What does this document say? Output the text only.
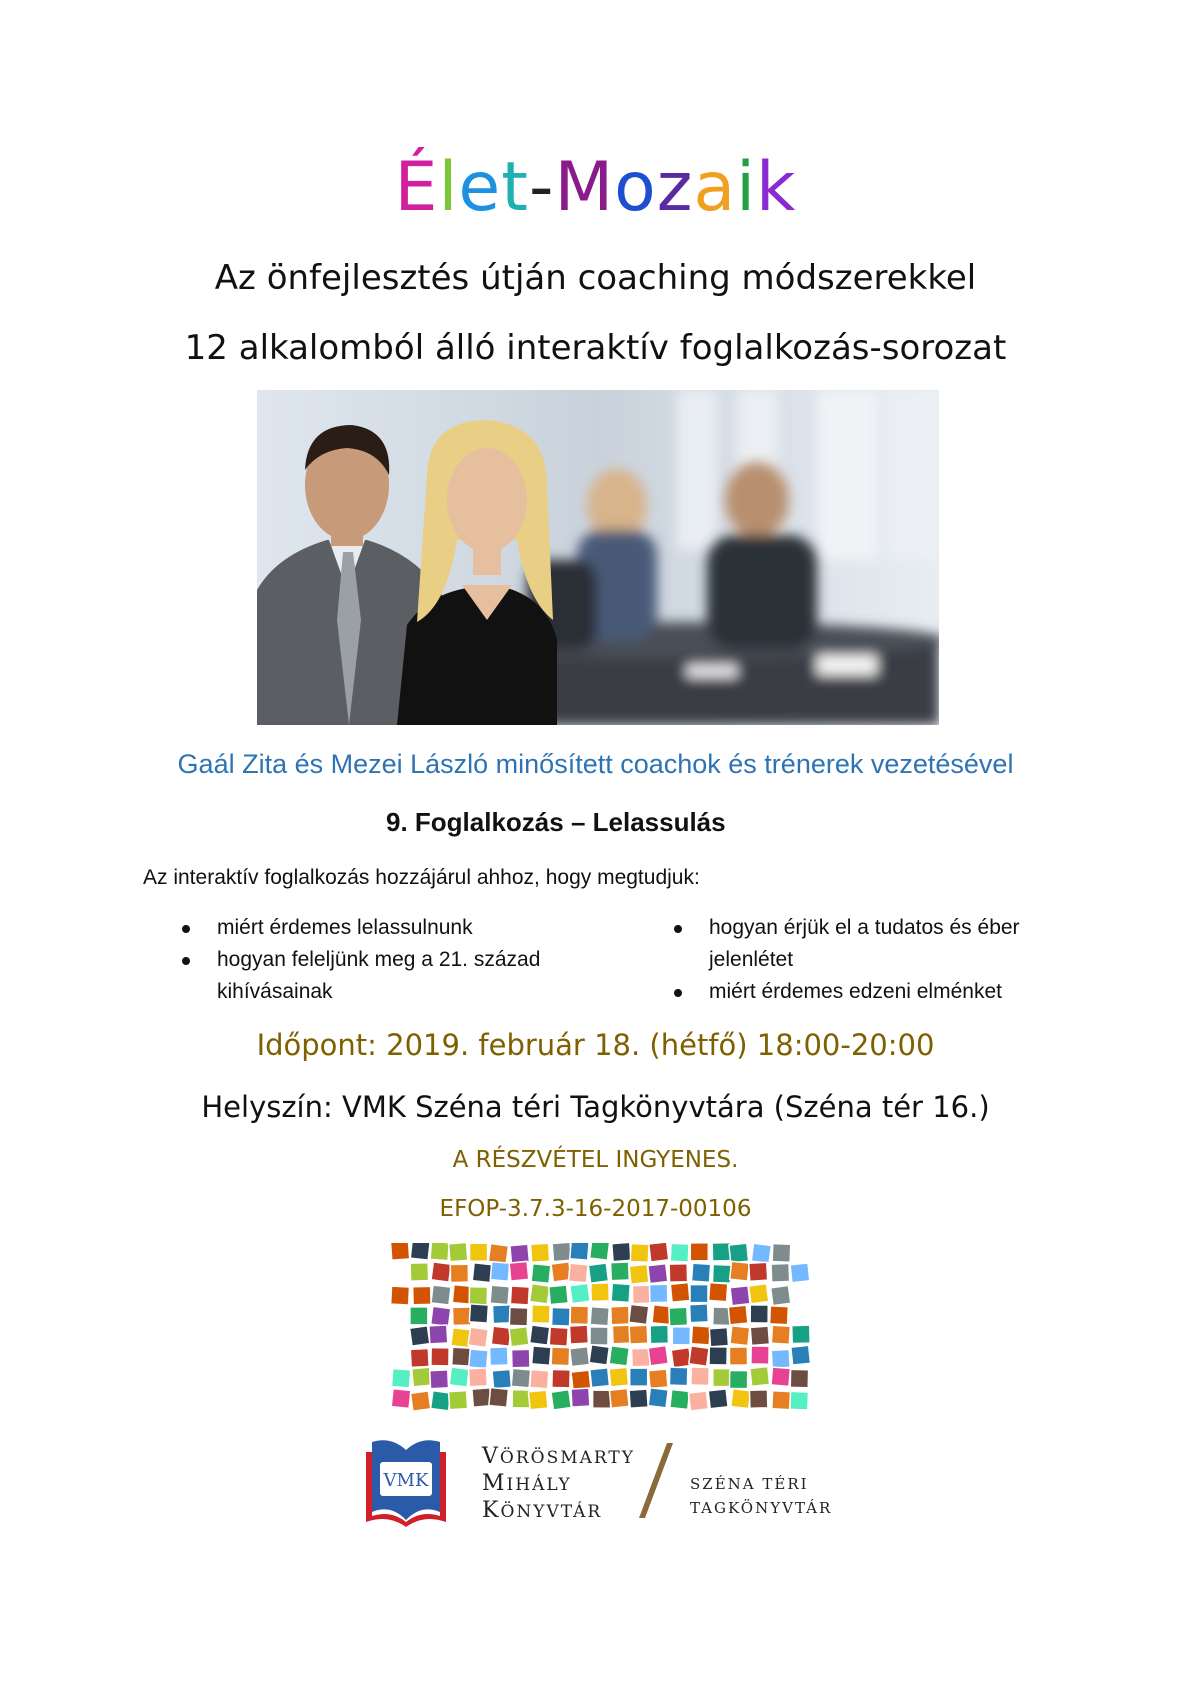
Élet-Mozaik
Az önfejlesztés útján coaching módszerekkel
12 alkalomból álló interaktív foglalkozás-sorozat
Gaál Zita és Mezei László minősített coachok és trénerek vezetésével
9. Foglalkozás – Lelassulás
Az interaktív foglalkozás hozzájárul ahhoz, hogy megtudjuk:
miért érdemes lelassulnunk
hogyan feleljünk meg a 21. század kihívásainak
hogyan érjük el a tudatos és éber jelenlétet
miért érdemes edzeni elménket
Időpont: 2019. február 18. (hétfő) 18:00-20:00
Helyszín: VMK Széna téri Tagkönyvtára (Széna tér 16.)
A RÉSZVÉTEL INGYENES.
EFOP-3.7.3-16-2017-00106
VMK
VÖRÖSMARTY
MIHÁLY
KÖNYVTÁR
SZÉNA TÉRI
TAGKÖNYVTÁR
